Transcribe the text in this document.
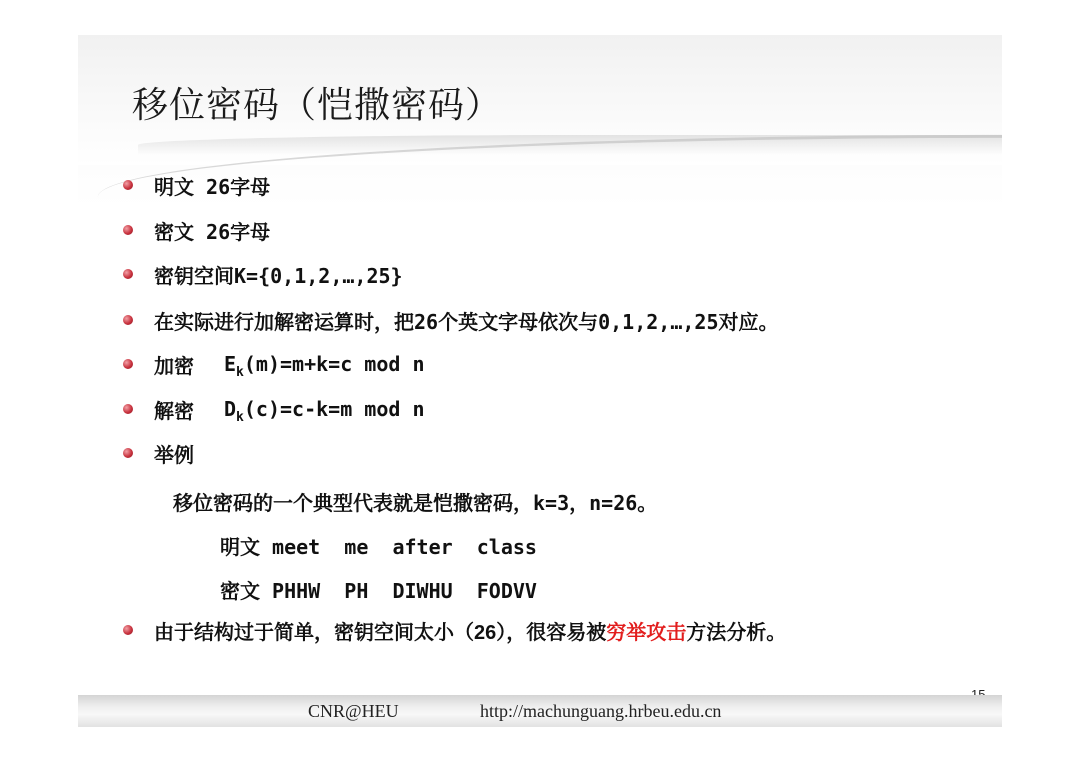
移位密码（恺撒密码）
明文 26字母
密文 26字母
密钥空间K={0,1,2,…,25}
在实际进行加解密运算时，把26个英文字母依次与0,1,2,…,25对应。
加密 $E_k(m)=m+k=c$ mod n
解密 $D_k(c)=c-k=m$ mod n
举例
移位密码的一个典型代表就是恺撒密码，k=3，n=26。
明文 meet  me  after  class
密文 PHHW  PH  DIWHU  FODVV
由于结构过于简单，密钥空间太小（26），很容易被穷举攻击方法分析。
CNR@HEU	http://machunguang.hrbeu.edu.cn
